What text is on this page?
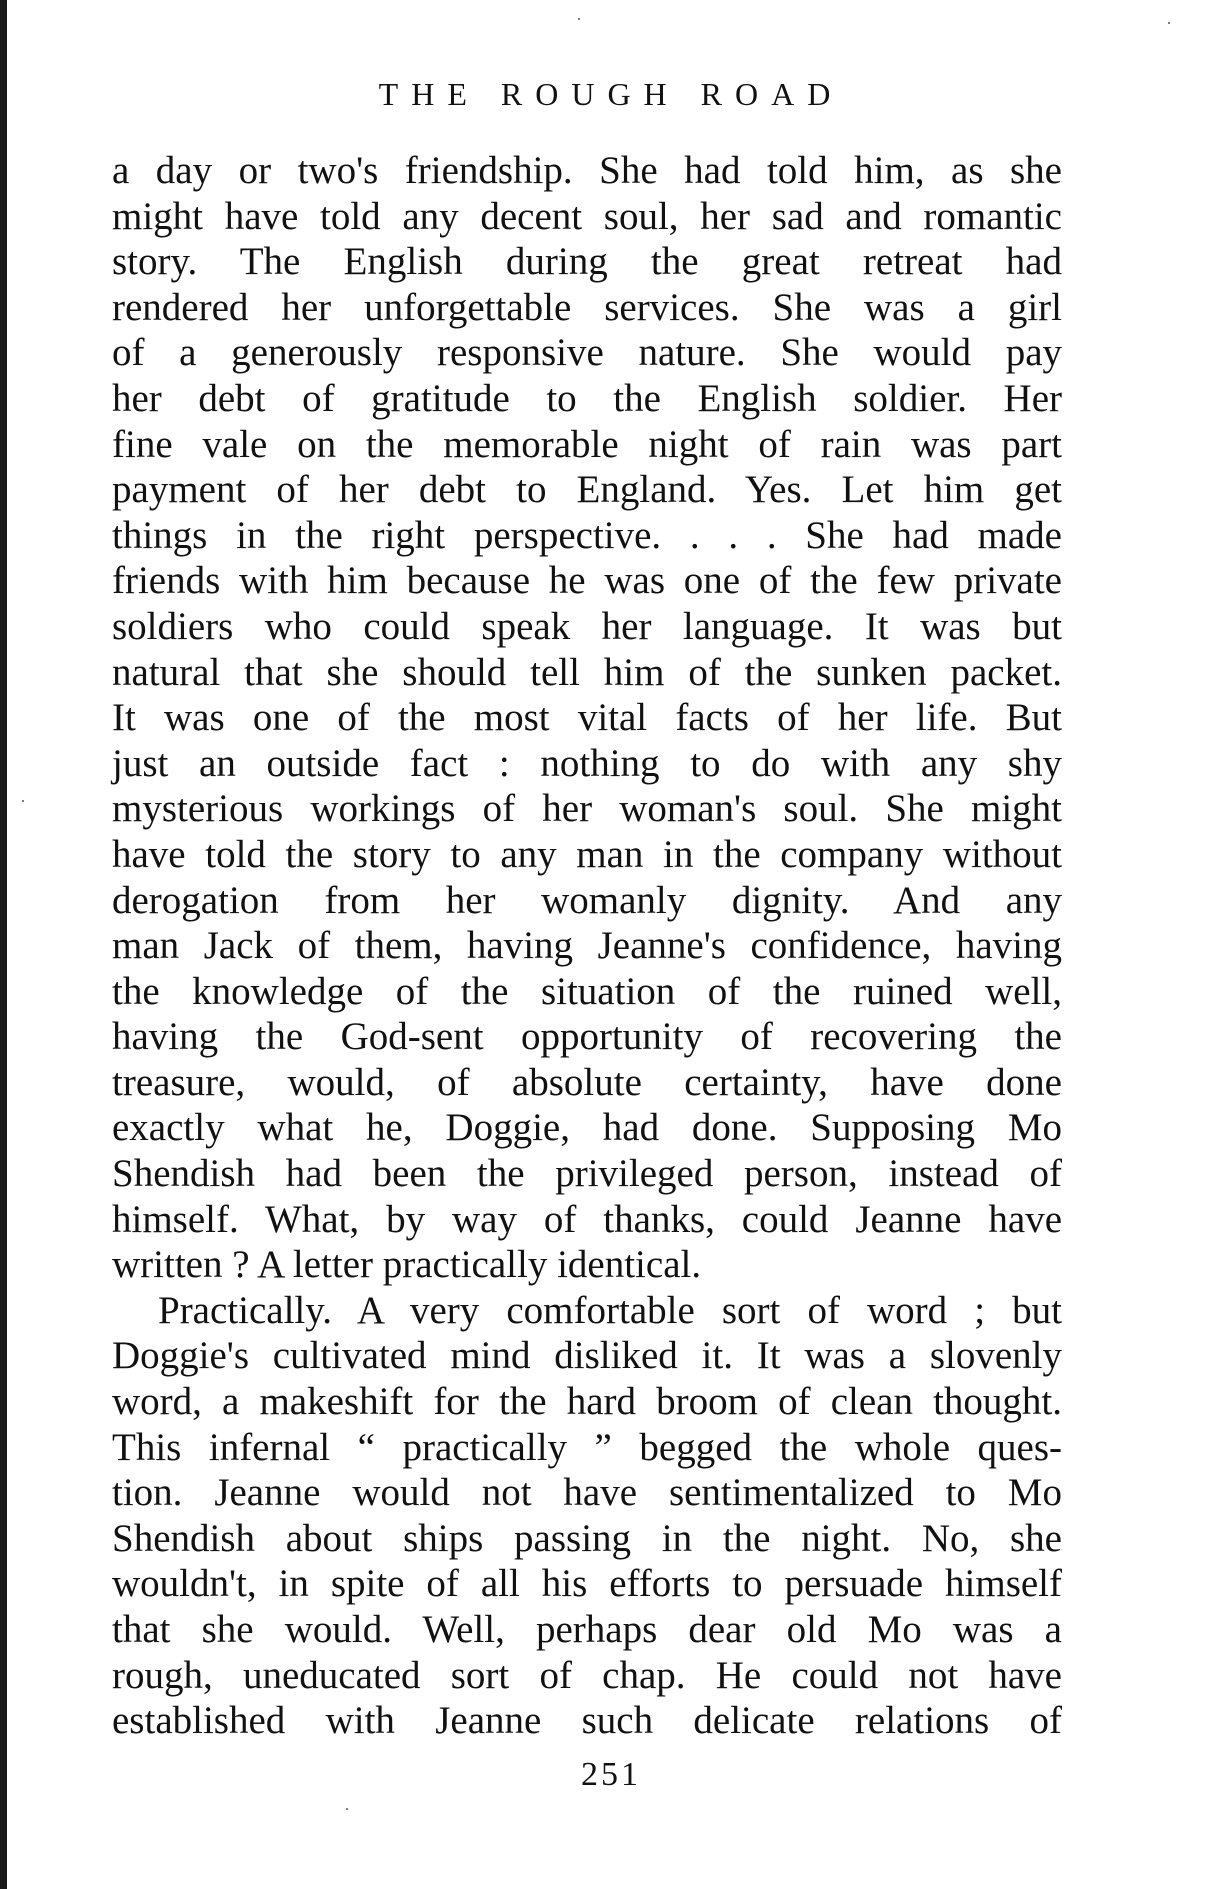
THE ROUGH ROAD

a day or two's friendship. She had told him, as she
might have told any decent soul, her sad and romantic
story. The English during the great retreat had
rendered her unforgettable services. She was a girl
of a generously responsive nature. She would pay
her debt of gratitude to the English soldier. Her
fine vale on the memorable night of rain was part
payment of her debt to England. Yes. Let him get
things in the right perspective. . . . She had made
friends with him because he was one of the few private
soldiers who could speak her language. It was but
natural that she should tell him of the sunken packet.
It was one of the most vital facts of her life. But
just an outside fact : nothing to do with any shy
mysterious workings of her woman's soul. She might
have told the story to any man in the company without
derogation from her womanly dignity. And any
man Jack of them, having Jeanne's confidence, having
the knowledge of the situation of the ruined well,
having the God-sent opportunity of recovering the
treasure, would, of absolute certainty, have done
exactly what he, Doggie, had done. Supposing Mo
Shendish had been the privileged person, instead of
himself. What, by way of thanks, could Jeanne have
written ? A letter practically identical.

Practically. A very comfortable sort of word ; but
Doggie's cultivated mind disliked it. It was a slovenly
word, a makeshift for the hard broom of clean thought.
This infernal “ practically ” begged the whole ques-
tion. Jeanne would not have sentimentalized to Mo
Shendish about ships passing in the night. No, she
wouldn't, in spite of all his efforts to persuade himself
that she would. Well, perhaps dear old Mo was a
rough, uneducated sort of chap. He could not have
established with Jeanne such delicate relations of

251
